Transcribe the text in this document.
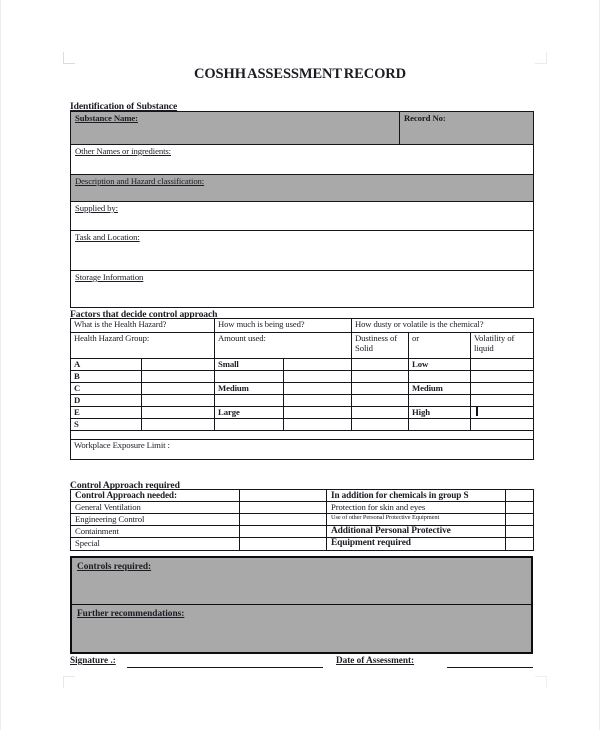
COSHH ASSESSMENT RECORD
Identification of Substance
Substance Name:	Record No:
Other Names or ingredients:
Description and Hazard classification:
Supplied by:
Task and Location:
Storage Information
Factors that decide control approach
What is the Health Hazard?		How much is being used?		How dusty or volatile is the chemical?		
Health Hazard Group:		Amount used:		Dustiness of Solid	or	Volatility of liquid
A		Small			Low	
B						
C		Medium			Medium	
D						
E		Large			High	
S						

Workplace Exposure Limit :						
Control Approach required
Control Approach needed:		In addition for chemicals in group S	
General Ventilation		Protection for skin and eyes	
Engineering Control		Use of other Personal Protective Equipment	
Containment		Additional Personal Protective	
Special		Equipment required	
Controls required:
Further recommendations:
Signature .:	Date of Assessment:
